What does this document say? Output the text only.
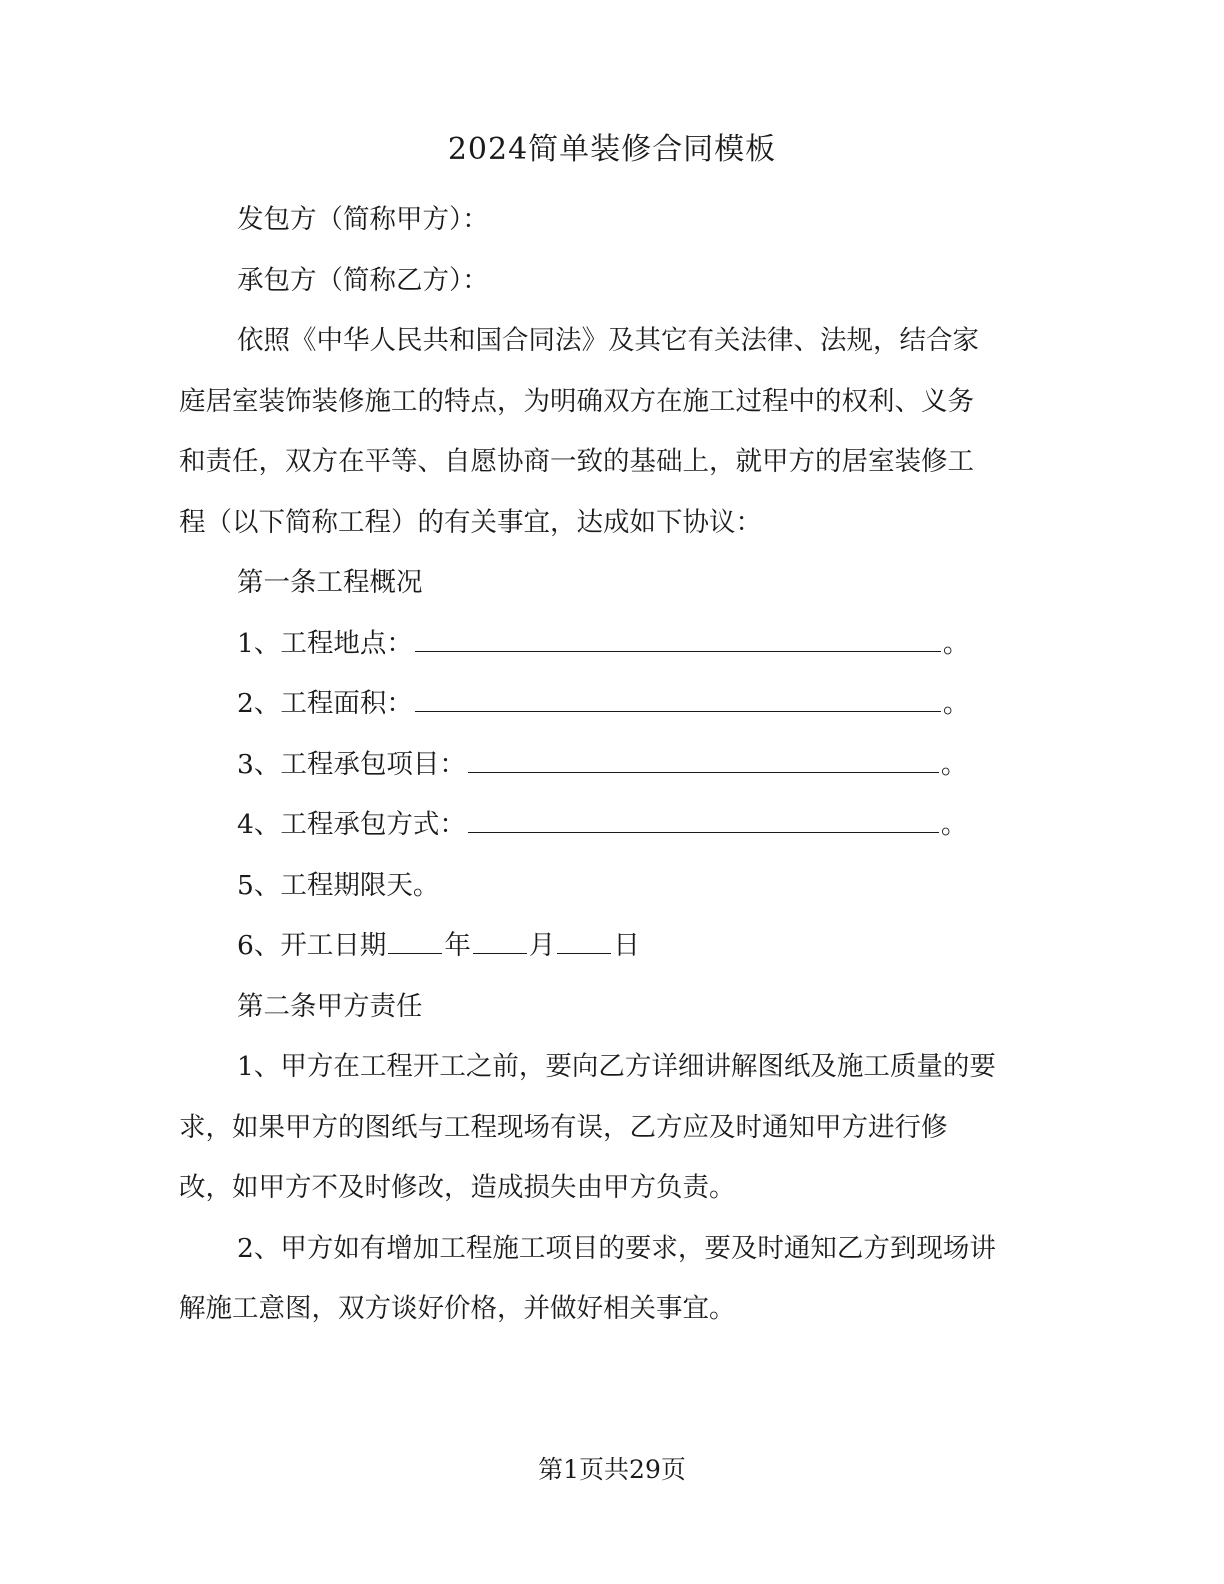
2024简单装修合同模板

发包方（简称甲方）：

承包方（简称乙方）：

依照《中华人民共和国合同法》及其它有关法律、法规，结合家

庭居室装饰装修施工的特点，为明确双方在施工过程中的权利、义务

和责任，双方在平等、自愿协商一致的基础上，就甲方的居室装修工

程（以下简称工程）的有关事宜，达成如下协议：

第一条工程概况

1、工程地点：	。

2、工程面积：	。

3、工程承包项目：	。

4、工程承包方式：	。

5、工程期限天。

6、开工日期 年 月 日

第二条甲方责任

1、甲方在工程开工之前，要向乙方详细讲解图纸及施工质量的要

求，如果甲方的图纸与工程现场有误，乙方应及时通知甲方进行修

改，如甲方不及时修改，造成损失由甲方负责。

2、甲方如有增加工程施工项目的要求，要及时通知乙方到现场讲

解施工意图，双方谈好价格，并做好相关事宜。

第1页共29页
